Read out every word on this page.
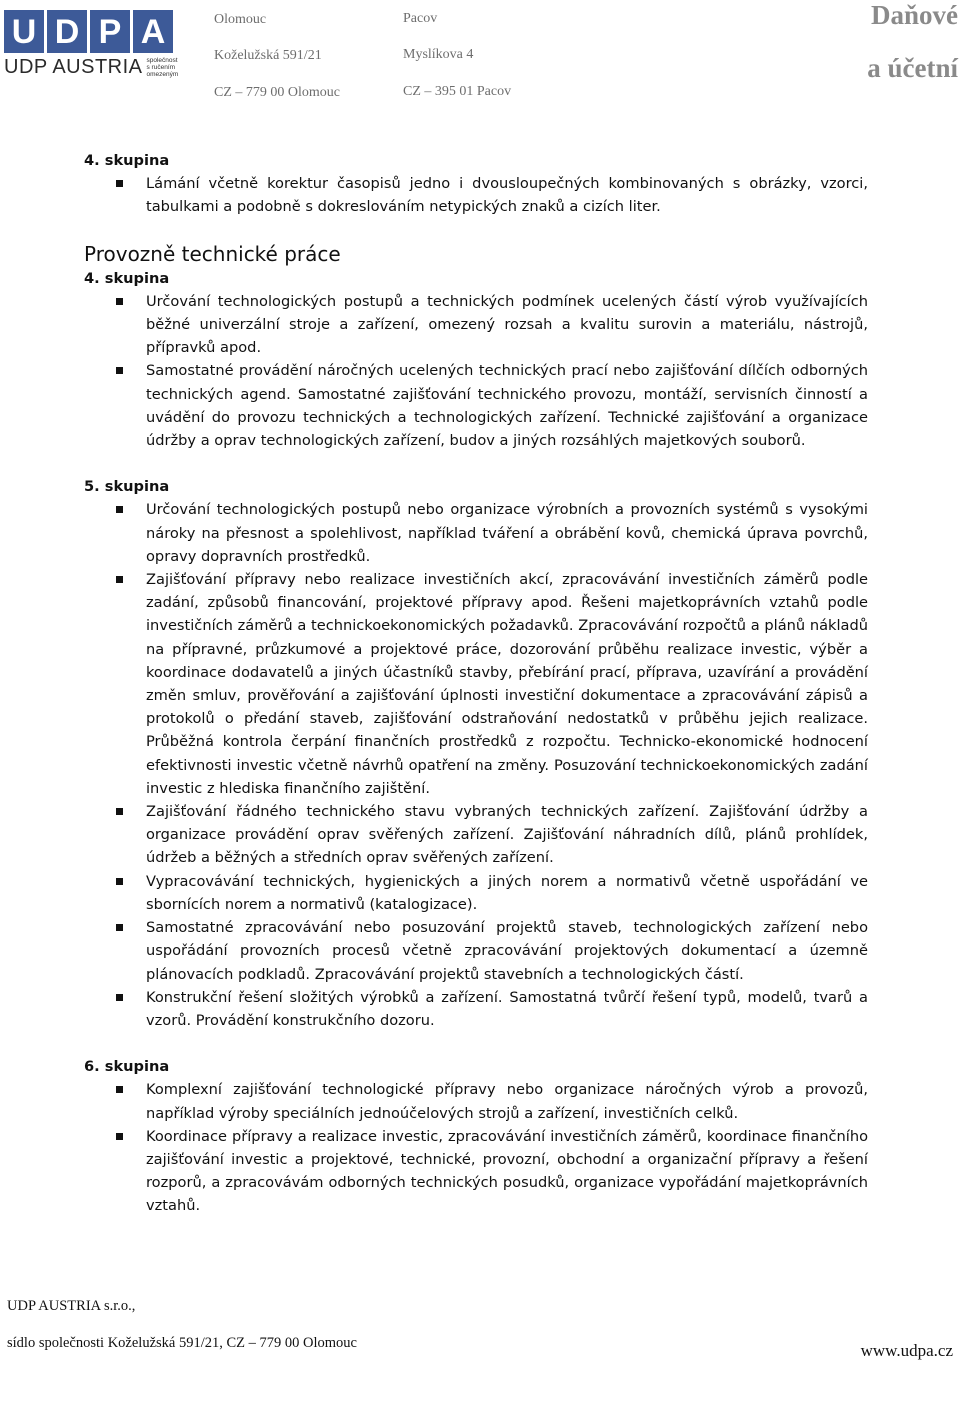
U D P A
UDP AUSTRIA společnost s ručením omezeným
Olomouc
Koželužská 591/21
CZ – 779 00 Olomouc
Pacov
Myslíkova 4
CZ – 395 01 Pacov
Daňové
a účetní

4. skupina

Lámání včetně korektur časopisů jedno i dvousloupečných kombinovaných s obrázky, vzorci, tabulkami a podobně s dokreslováním netypických znaků a cizích liter.
Provozně technické práce

4. skupina

Určování technologických postupů a technických podmínek ucelených částí výrob využívajících běžné univerzální stroje a zařízení, omezený rozsah a kvalitu surovin a materiálu, nástrojů, přípravků apod.
Samostatné provádění náročných ucelených technických prací nebo zajišťování dílčích odborných technických agend. Samostatné zajišťování technického provozu, montáží, servisních činností a uvádění do provozu technických a technologických zařízení. Technické zajišťování a organizace údržby a oprav technologických zařízení, budov a jiných rozsáhlých majetkových souborů.

5. skupina

Určování technologických postupů nebo organizace výrobních a provozních systémů s vysokými nároky na přesnost a spolehlivost, například tváření a obrábění kovů, chemická úprava povrchů, opravy dopravních prostředků.
Zajišťování přípravy nebo realizace investičních akcí, zpracovávání investičních záměrů podle zadání, způsobů financování, projektové přípravy apod. Řešeni majetkoprávních vztahů podle investičních záměrů a technickoekonomických požadavků. Zpracovávání rozpočtů a plánů nákladů na přípravné, průzkumové a projektové práce, dozorování průběhu realizace investic, výběr a koordinace dodavatelů a jiných účastníků stavby, přebírání prací, příprava, uzavírání a provádění změn smluv, prověřování a zajišťování úplnosti investiční dokumentace a zpracovávání zápisů a protokolů o předání staveb, zajišťování odstraňování nedostatků v průběhu jejich realizace. Průběžná kontrola čerpání finančních prostředků z rozpočtu. Technicko-ekonomické hodnocení efektivnosti investic včetně návrhů opatření na změny. Posuzování technickoekonomických zadání investic z hlediska finančního zajištění.
Zajišťování řádného technického stavu vybraných technických zařízení. Zajišťování údržby a organizace provádění oprav svěřených zařízení. Zajišťování náhradních dílů, plánů prohlídek, údržeb a běžných a středních oprav svěřených zařízení.
Vypracovávání technických, hygienických a jiných norem a normativů včetně uspořádání ve sbornících norem a normativů (katalogizace).
Samostatné zpracovávání nebo posuzování projektů staveb, technologických zařízení nebo uspořádání provozních procesů včetně zpracovávání projektových dokumentací a územně plánovacích podkladů. Zpracovávání projektů stavebních a technologických částí.
Konstrukční řešení složitých výrobků a zařízení. Samostatná tvůrčí řešení typů, modelů, tvarů a vzorů. Provádění konstrukčního dozoru.

6. skupina

Komplexní zajišťování technologické přípravy nebo organizace náročných výrob a provozů, například výroby speciálních jednoúčelových strojů a zařízení, investičních celků.
Koordinace přípravy a realizace investic, zpracovávání investičních záměrů, koordinace finančního zajišťování investic a projektové, technické, provozní, obchodní a organizační přípravy a řešení rozporů, a zpracovávám odborných technických posudků, organizace vypořádání majetkoprávních vztahů.
UDP AUSTRIA s.r.o.,
sídlo společnosti Koželužská 591/21, CZ – 779 00 Olomouc	www.udpa.cz
